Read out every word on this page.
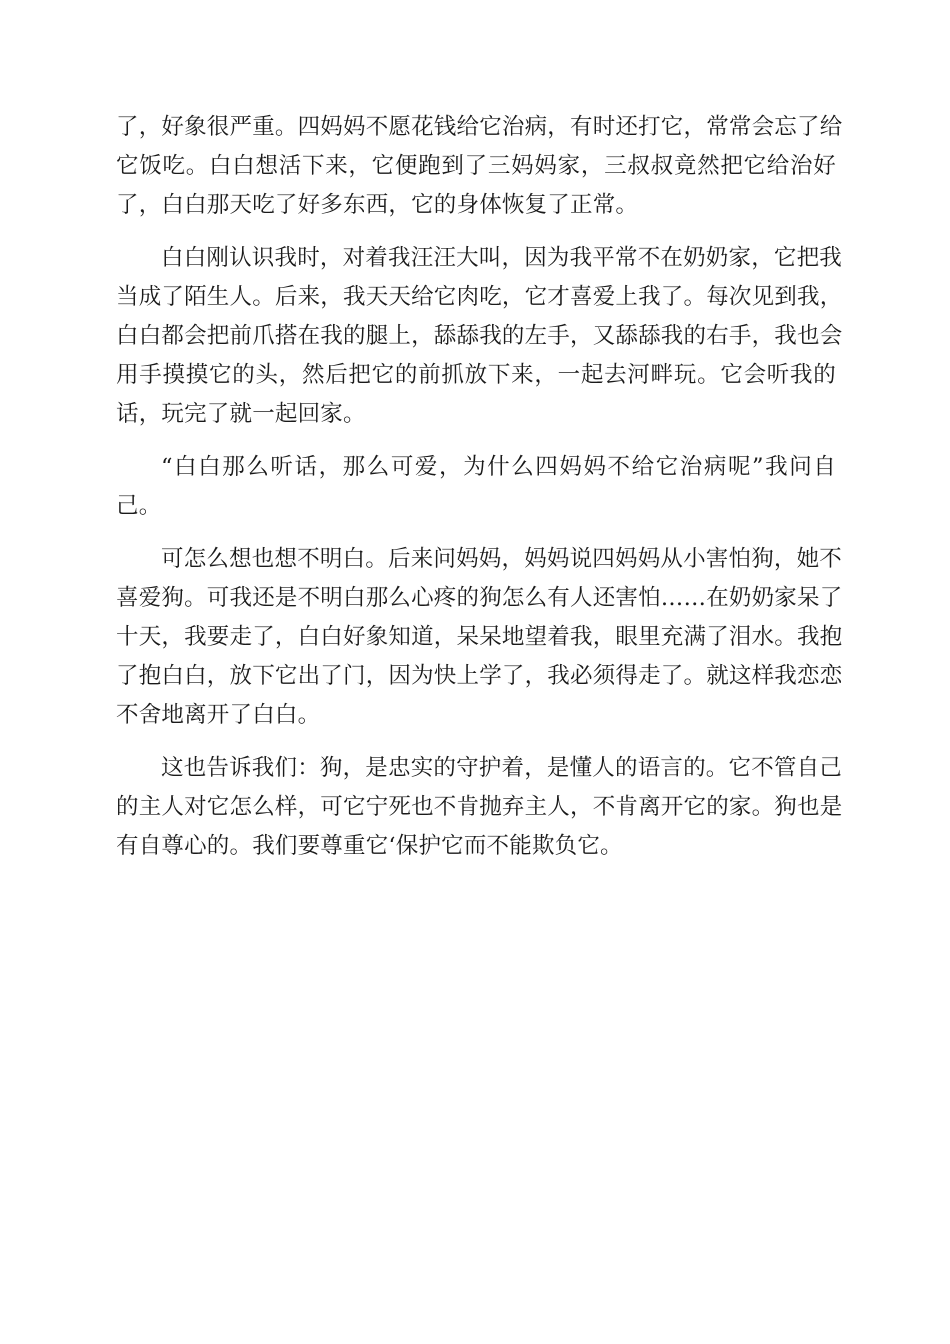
了，好象很严重。四妈妈不愿花钱给它治病，有时还打它，常常会忘了给
它饭吃。白白想活下来，它便跑到了三妈妈家，三叔叔竟然把它给治好
了，白白那天吃了好多东西，它的身体恢复了正常。

白白刚认识我时，对着我汪汪大叫，因为我平常不在奶奶家，它把我
当成了陌生人。后来，我天天给它肉吃，它才喜爱上我了。每次见到我，
白白都会把前爪搭在我的腿上，舔舔我的左手，又舔舔我的右手，我也会
用手摸摸它的头，然后把它的前抓放下来，一起去河畔玩。它会听我的
话，玩完了就一起回家。

“白白那么听话，那么可爱，为什么四妈妈不给它治病呢”我问自
己。

可怎么想也想不明白。后来问妈妈，妈妈说四妈妈从小害怕狗，她不
喜爱狗。可我还是不明白那么心疼的狗怎么有人还害怕……在奶奶家呆了
十天，我要走了，白白好象知道，呆呆地望着我，眼里充满了泪水。我抱
了抱白白，放下它出了门，因为快上学了，我必须得走了。就这样我恋恋
不舍地离开了白白。

这也告诉我们：狗，是忠实的守护着，是懂人的语言的。它不管自己
的主人对它怎么样，可它宁死也不肯抛弃主人，不肯离开它的家。狗也是
有自尊心的。我们要尊重它‘保护它而不能欺负它。
